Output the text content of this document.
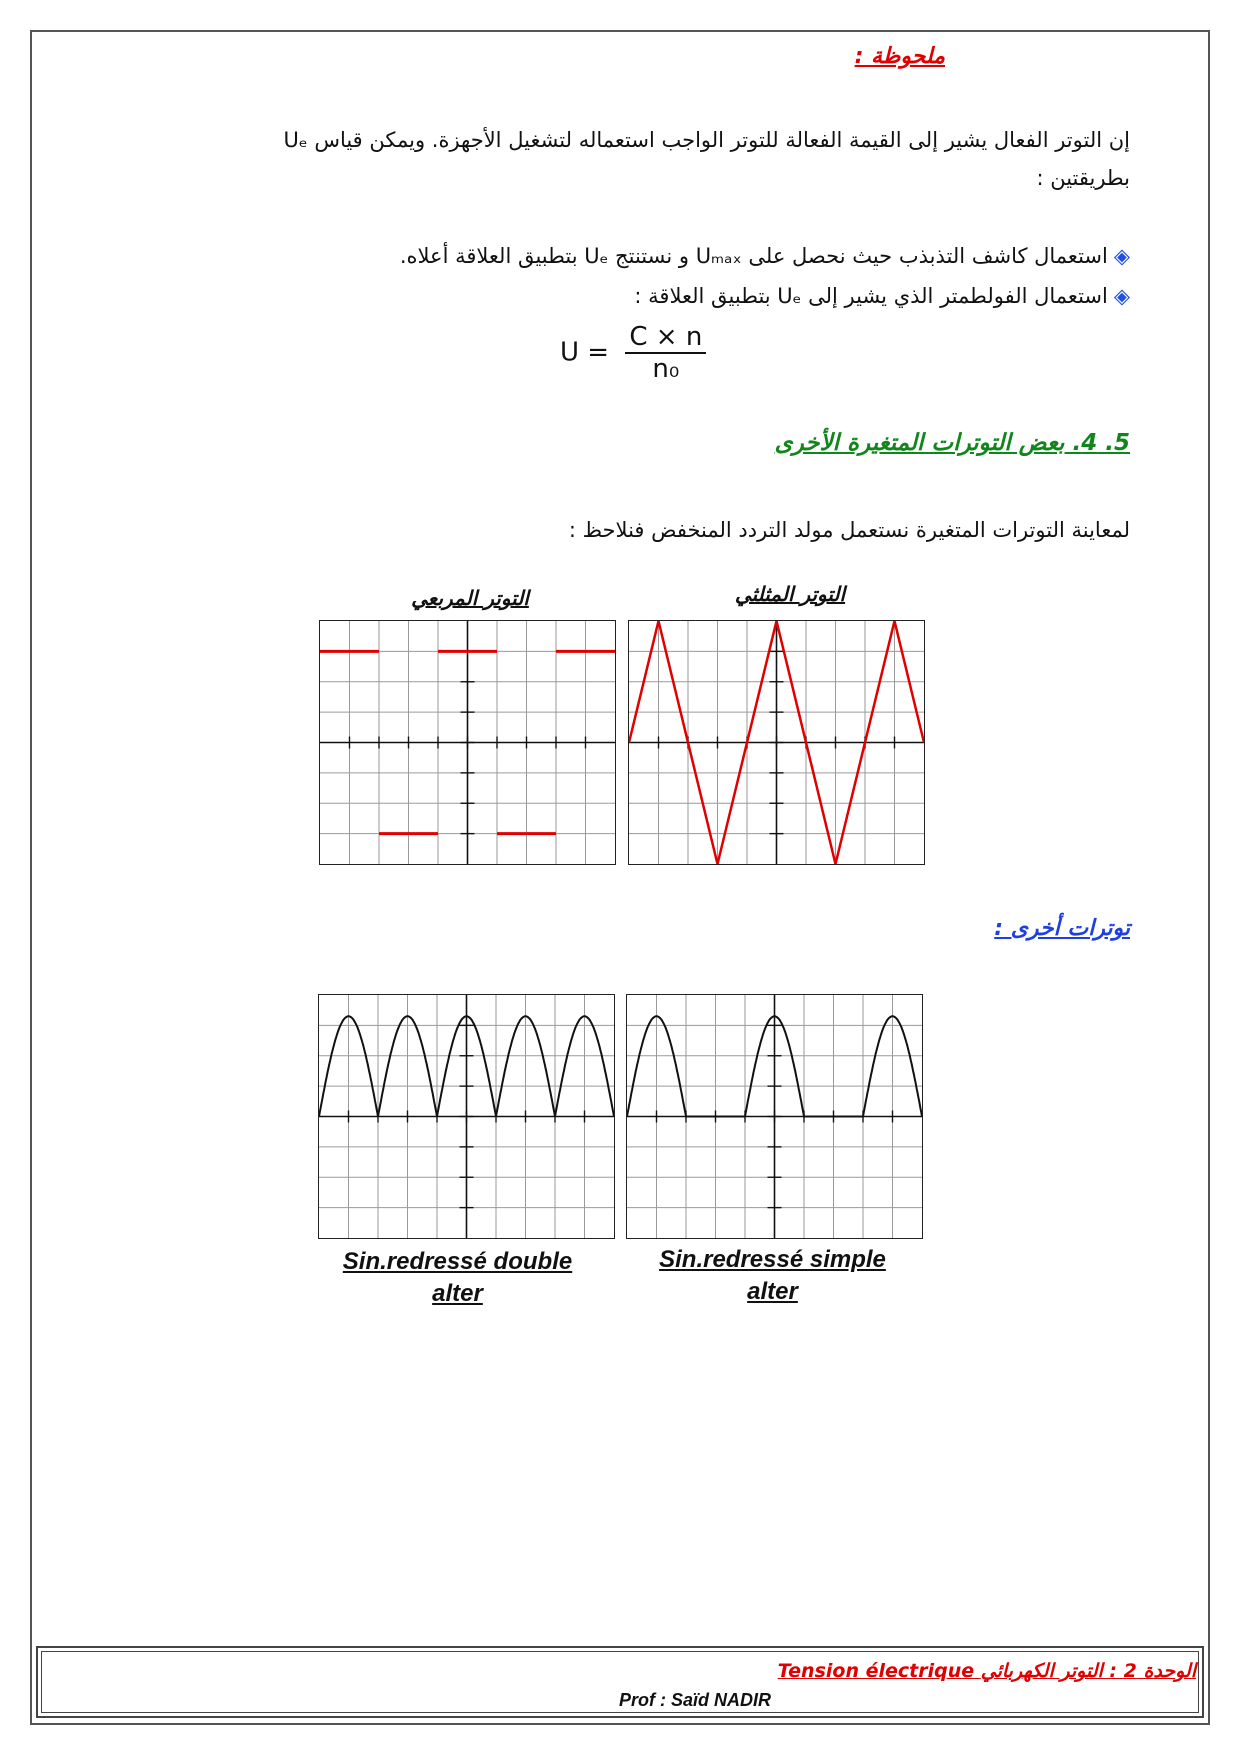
ملحوظة :
إن التوتر الفعال يشير إلى القيمة الفعالة للتوتر الواجب استعماله لتشغيل الأجهزة. ويمكن قياس Uₑ
بطريقتين :
◈استعمال كاشف التذبذب حيث نحصل على Uₘₐₓ و نستنتج Uₑ بتطبيق العلاقة أعلاه.
◈استعمال الفولطمتر الذي يشير إلى Uₑ بتطبيق العلاقة :
$U = \frac{C \times n}{\text{n₀}}$
5. 4. بعض التوترات المتغيرة الأخرى
لمعاينة التوترات المتغيرة نستعمل مولد التردد المنخفض فنلاحظ :
التوتر المربعي	التوتر المثلثي
توترات أخرى :
Sin.redressé double
alter
Sin.redressé simple
alter
الوحدة 2 : التوتر الكهربائي Tension électrique
Prof : Saïd NADIR
